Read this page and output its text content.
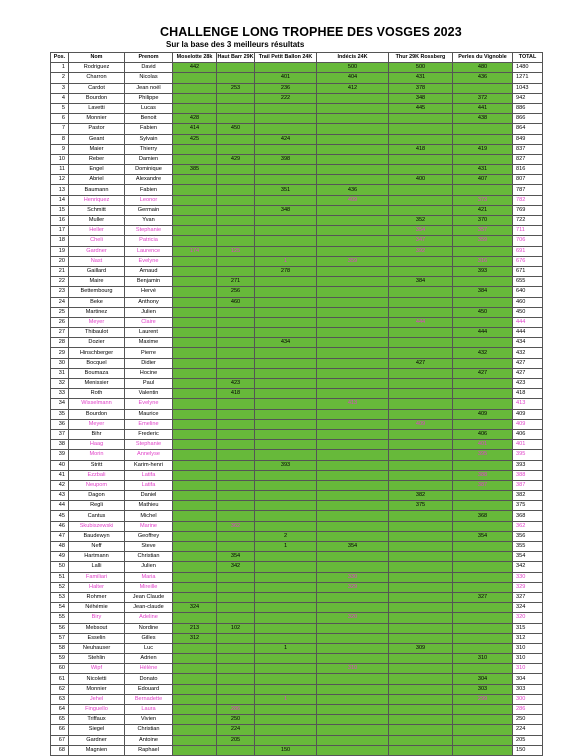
CHALLENGE LONG TROPHEE DES VOSGES 2023
Sur la base des 3 meilleurs résultats
Pos.	Nom	Prenom	Moselotte 28k	Haut Barr 29K	Trail Petit Ballon 24K	Indécis 24K	Thur 29K Rossberg	Perles du Vignoble	TOTAL
1	Rodriguez	David	442			500	500	480	1480
2	Charron	Nicolas			401	404	431	436	1271
3	Cardot	Jean noël		253	236	412	378		1043
4	Bourdon	Philippe			222		348	372	942
5	Lavetti	Lucas					445	441	886
6	Monnier	Benoit	428					438	866
7	Pastor	Fabien	414	450					864
8	Geant	Sylvain	425		424				849
9	Maier	Thierry					418	419	837
10	Reber	Damien		429	398				827
11	Engel	Dominique	385					431	816
12	Abriel	Alexandre					400	407	807
13	Baumann	Fabien			351	436			787
14	Henriquez	Leonor				409		373	782
15	Schmitt	Germain			348			421	769
16	Muller	Yvan					352	370	722
17	Heller	Stephanie					354	357	711
18	Cheli	Patricia					347	359	706
19	Gardner	Laurence	174	125			392		691
20	Nast	Evelyne			1	359		316	676
21	Gaillard	Arnaud			278			393	671
22	Maire	Benjamin		271			384		655
23	Bettembourg	Hervé		256				384	640
24	Beke	Anthony		460					460
25	Martinez	Julien						450	450
26	Meyer	Claire					444		444
27	Thibaulot	Laurent						444	444
28	Dozier	Maxime			434				434
29	Hinschberger	Pierre						432	432
30	Bocquel	Didier					427		427
31	Boumaza	Hocine						427	427
32	Menissier	Paul		423					423
33	Roth	Valentin		418					418
34	Wisselmann	Evelyne				413			413
35	Bourdon	Maurice						409	409
36	Meyer	Emeline					409		409
37	Bihr	Frederic						406	406
38	Haag	Stephanie						401	401
39	Morin	Annelyse						395	395
40	Stritt	Karim-henri			393				393
41	Ezzbali	Latifa						388	388
42	Neupom	Latifa						387	387
43	Dagon	Daniel					382		382
44	Regli	Mathieu					375		375
45	Cantus	Michel						368	368
46	Skubiszewski	Marine		362					362
47	Baudewyn	Geoffrey			2			354	356
48	Neff	Steve			1	354			355
49	Hartmann	Christian		354					354
50	Lalli	Julien		342					342
51	Familiari	Maria				330			330
52	Halter	Mireille				329			329
53	Rohmer	Jean Claude						327	327
54	Néhémie	Jean-claude	324						324
55	Biry	Adeline				320			320
56	Mebsout	Nordine	213	102					315
57	Esselin	Gilles	312						312
58	Neuhauser	Luc			1		309		310
59	Stehlin	Adrien						310	310
60	Wipf	Hélène				310			310
61	Nicoletti	Donato						304	304
62	Monnier	Edouard						303	303
63	Jehel	Bernadette			1			299	300
64	Finguello	Laura		286					286
65	Triffaux	Vivien		250					250
66	Siegel	Christian		224					224
67	Gardner	Antoine		205					205
68	Magnien	Raphael			150				150
